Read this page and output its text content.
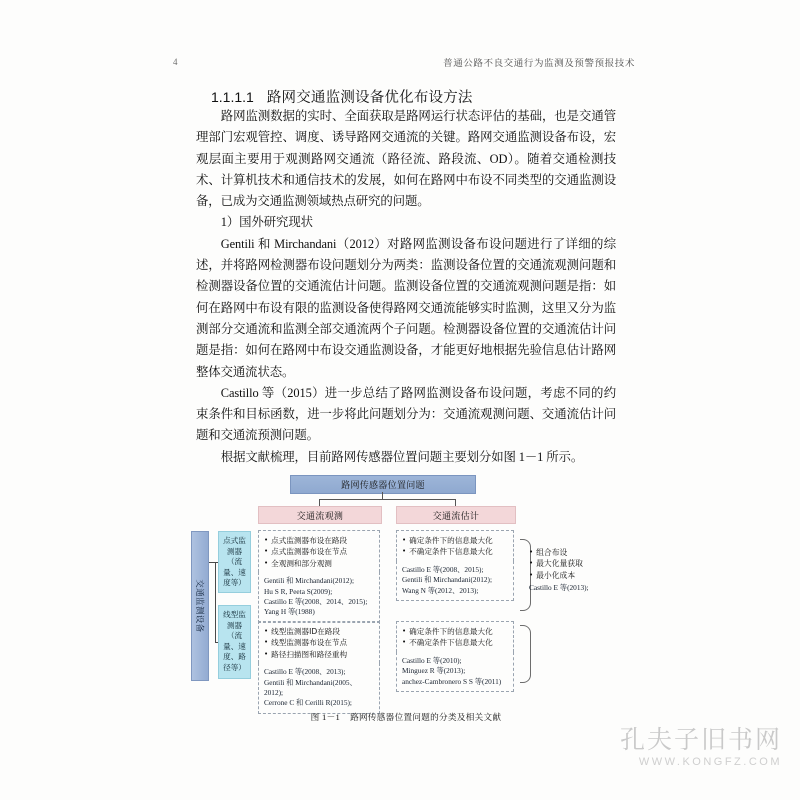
4	普通公路不良交通行为监测及预警预报技术
1.1.1.1 路网交通监测设备优化布设方法

路网监测数据的实时、全面获取是路网运行状态评估的基础，也是交通管理部门宏观管控、调度、诱导路网交通流的关键。路网交通监测设备布设，宏观层面主要用于观测路网交通流（路径流、路段流、OD）。随着交通检测技术、计算机技术和通信技术的发展，如何在路网中布设不同类型的交通监测设备，已成为交通监测领域热点研究的问题。

1）国外研究现状

Gentili 和 Mirchandani（2012）对路网监测设备布设问题进行了详细的综述，并将路网检测器布设问题划分为两类：监测设备位置的交通流观测问题和检测器设备位置的交通流估计问题。监测设备位置的交通流观测问题是指：如何在路网中布设有限的监测设备使得路网交通流能够实时监测，这里又分为监测部分交通流和监测全部交通流两个子问题。检测器设备位置的交通流估计问题是指：如何在路网中布设交通监测设备，才能更好地根据先验信息估计路网整体交通流状态。

Castillo 等（2015）进一步总结了路网监测设备布设问题，考虑不同的约束条件和目标函数，进一步将此问题划分为：交通流观测问题、交通流估计问题和交通流预测问题。

根据文献梳理，目前路网传感器位置问题主要划分如图 1－1 所示。

路网传感器位置问题
交通流观测	交通流估计
交通监测设备
点式监测器（流量、速度等）
线型监测器（流量、速度、路径等）
• 点式监测器布设在路段
• 点式监测器布设在节点
• 全观测和部分观测
Gentili 和 Mirchandani(2012);
Hu S R, Peeta S(2009);
Castillo E 等(2008、2014、2015);
Yang H 等(1988)
• 确定条件下的信息最大化
• 不确定条件下信息最大化
Castillo E 等(2008、2015);
Gentili 和 Mirchandani(2012);
Wang N 等(2012、2013);
• 线型监测器ID在路段
• 线型监测器布设在节点
• 路径扫描图和路径重构
Castillo E 等(2008、2013);
Gentili 和 Mirchandani(2005、2012);
Cerrone C 和 Cerilli R(2015);
• 确定条件下的信息最大化
• 不确定条件下信息最大化
Castillo E 等(2010);
Minguez R 等(2013);
anchez-Cambronero S S 等(2011)
• 组合布设
• 最大化量获取
• 最小化成本
Castillo E 等(2013);
图 1－1 路网传感器位置问题的分类及相关文献
孔夫子旧书网
WWW.KONGFZ.COM
